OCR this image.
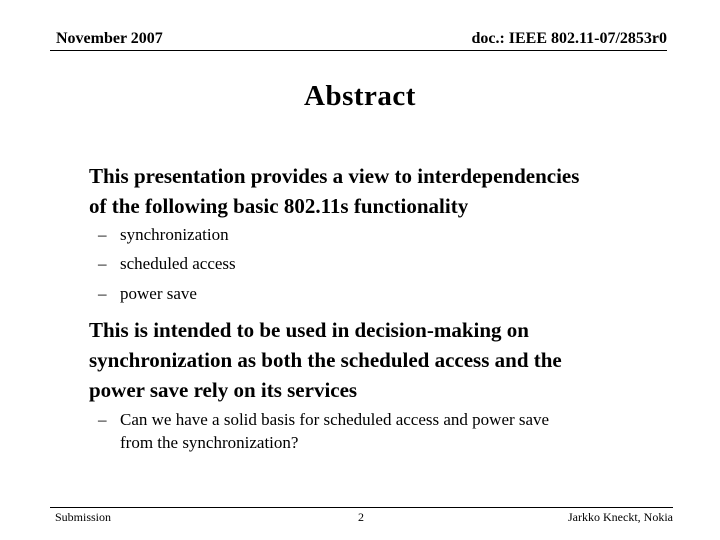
November 2007	doc.: IEEE 802.11-07/2853r0
Abstract
This presentation provides a view to interdependencies
of the following basic 802.11s functionality
– synchronization
– scheduled access
– power save
This is intended to be used in decision-making on
synchronization as both the scheduled access and the
power save rely on its services
– Can we have a solid basis for scheduled access and power save
from the synchronization?
Submission	2	Jarkko Kneckt, Nokia
